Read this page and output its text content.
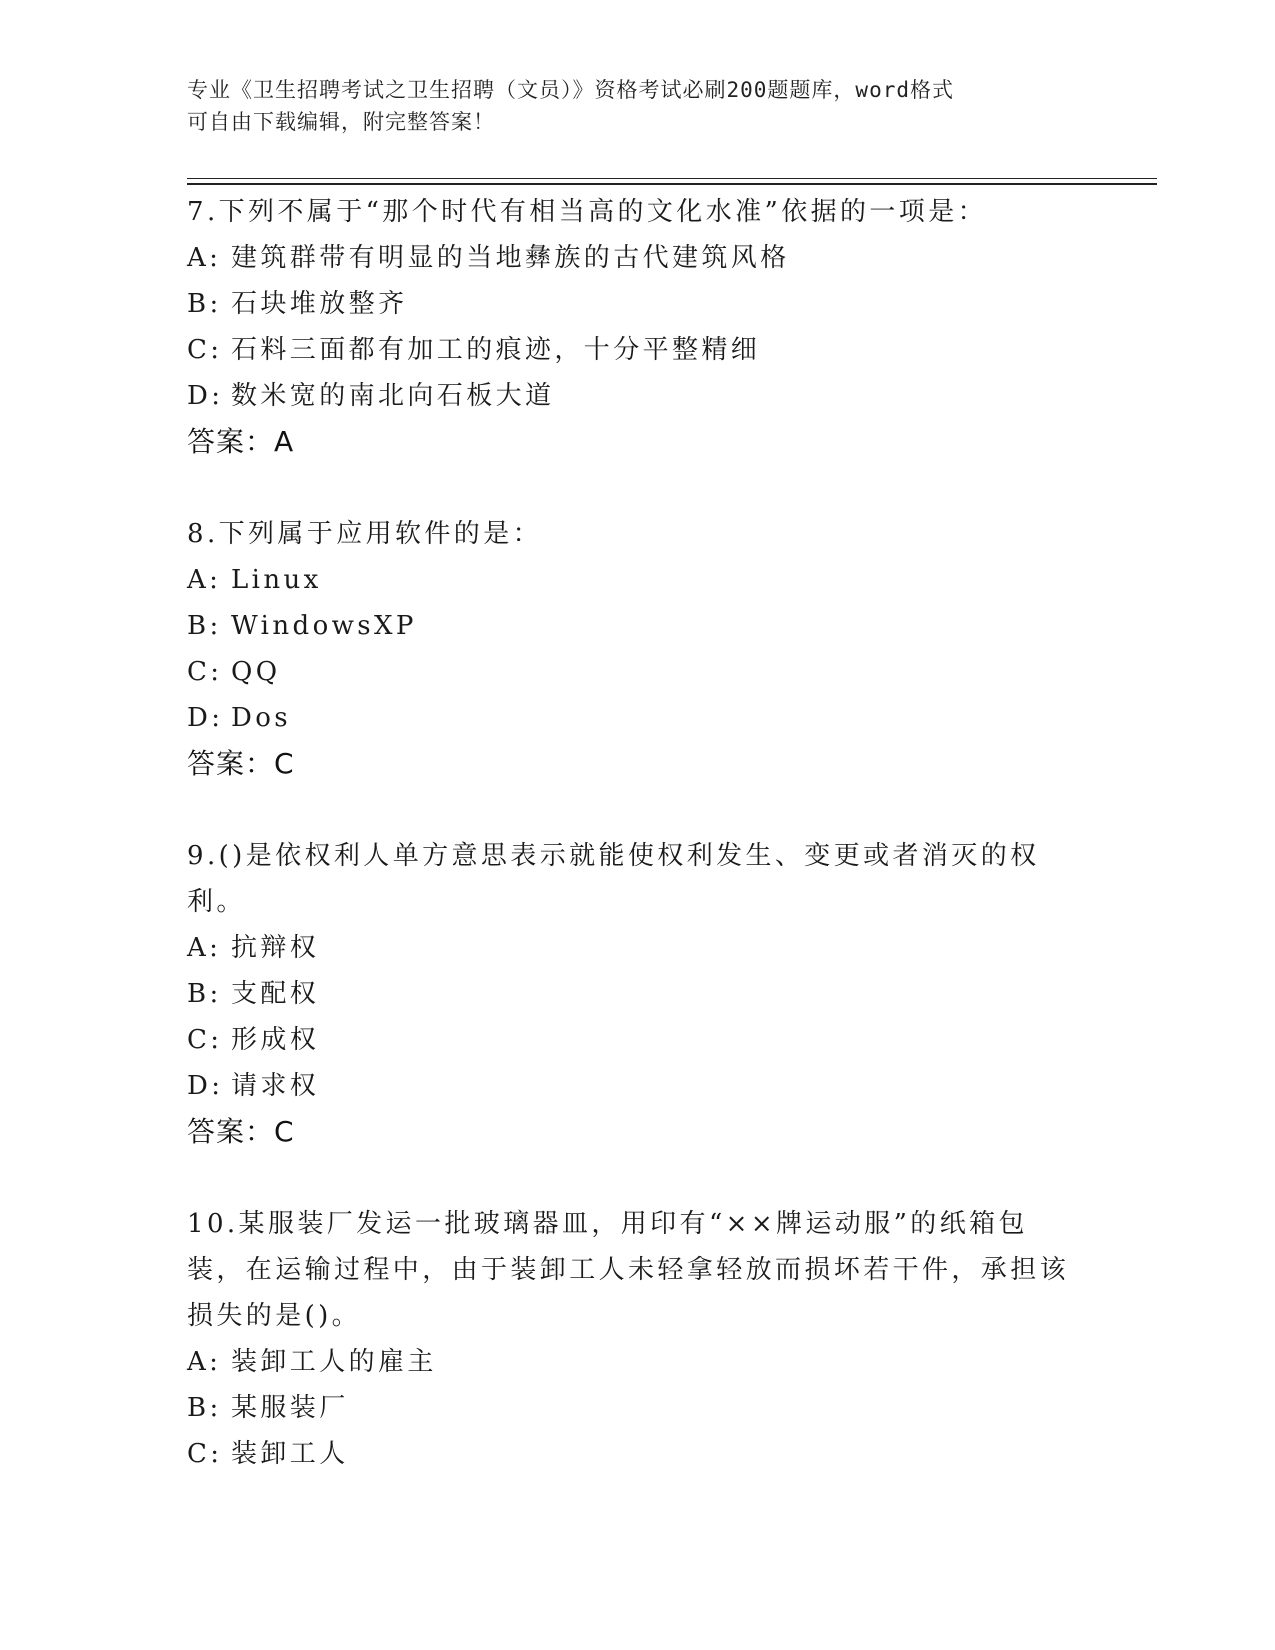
专业《卫生招聘考试之卫生招聘（文员）》资格考试必刷200题题库，word格式

可自由下载编辑，附完整答案！

7.下列不属于“那个时代有相当高的文化水准”依据的一项是：

A: 建筑群带有明显的当地彝族的古代建筑风格

B: 石块堆放整齐

C: 石料三面都有加工的痕迹，十分平整精细

D: 数米宽的南北向石板大道

答案：A

8.下列属于应用软件的是：

A: Linux

B: WindowsXP

C: QQ

D: Dos

答案：C

9.()是依权利人单方意思表示就能使权利发生、变更或者消灭的权利。

A: 抗辩权

B: 支配权

C: 形成权

D: 请求权

答案：C

10.某服装厂发运一批玻璃器皿，用印有“××牌运动服”的纸箱包装，在运输过程中，由于装卸工人未轻拿轻放而损坏若干件，承担该损失的是()。

A: 装卸工人的雇主

B: 某服装厂

C: 装卸工人
